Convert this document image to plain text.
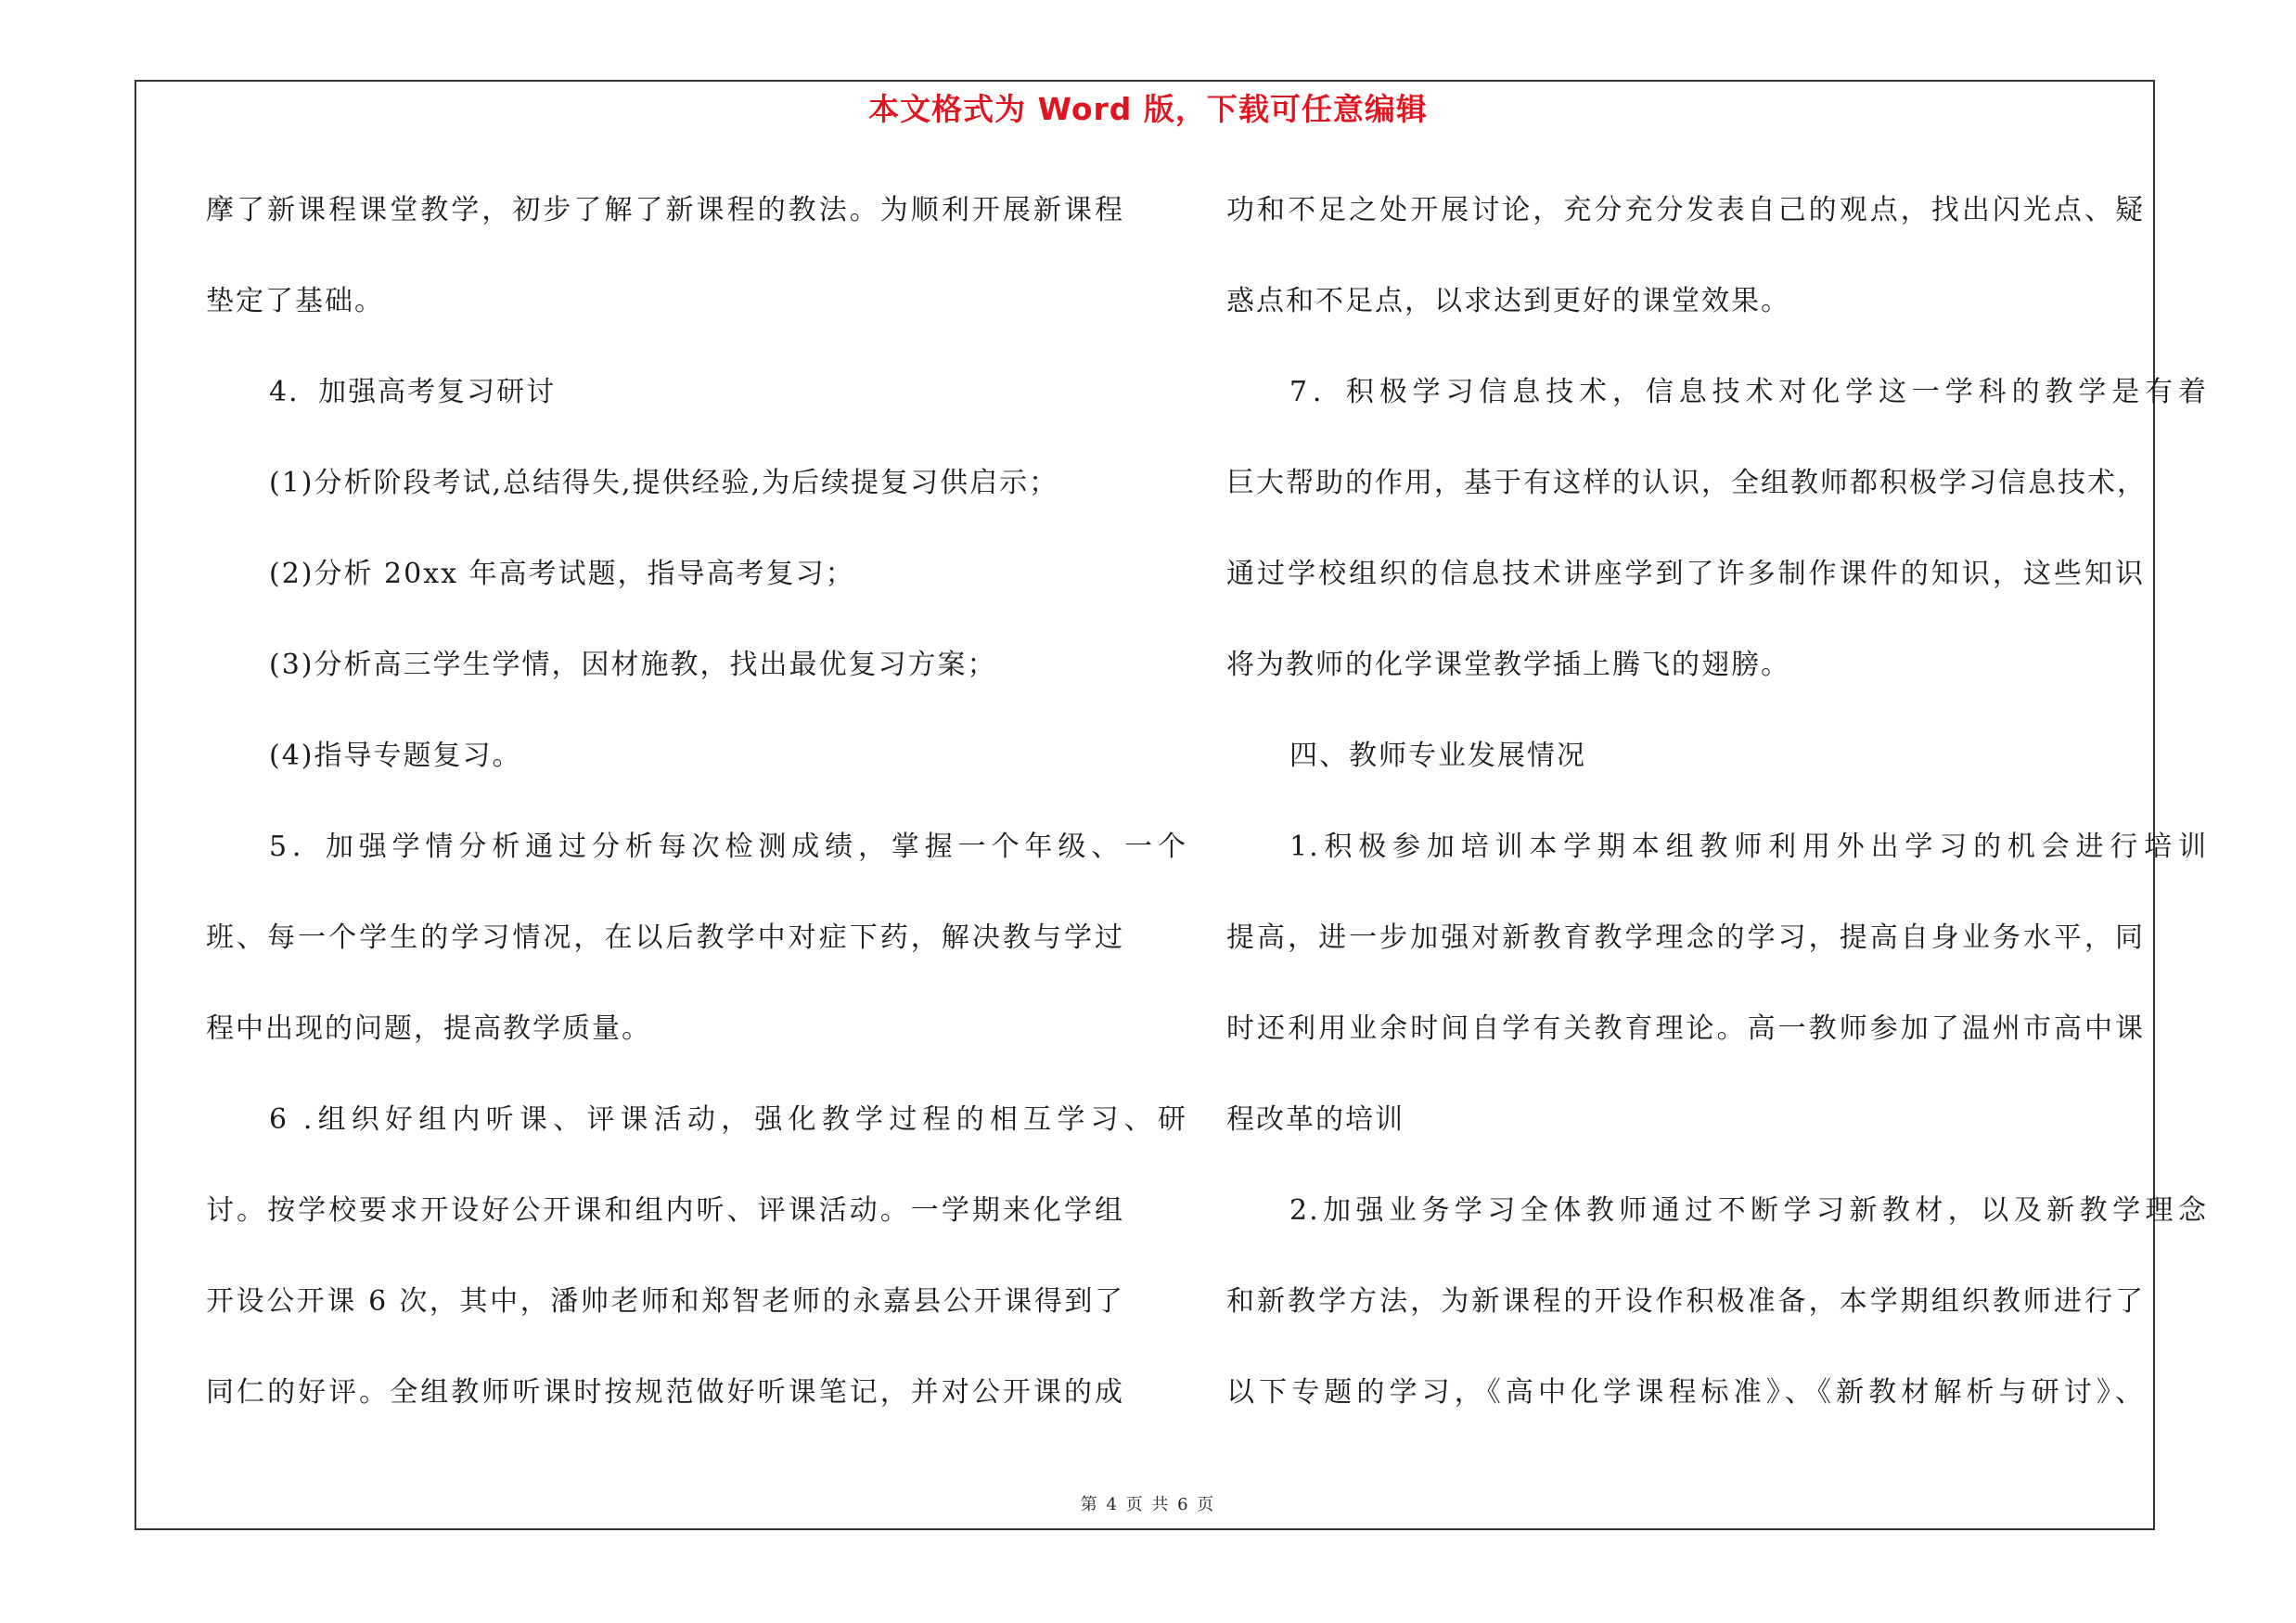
本文格式为 Word 版，下载可任意编辑
摩了新课程课堂教学，初步了解了新课程的教法。为顺利开展新课程
垫定了基础。
4．加强高考复习研讨
(1)分析阶段考试,总结得失,提供经验,为后续提复习供启示；
(2)分析 20xx 年高考试题，指导高考复习；
(3)分析高三学生学情，因材施教，找出最优复习方案；
(4)指导专题复习。
5．加强学情分析通过分析每次检测成绩，掌握一个年级、一个
班、每一个学生的学习情况，在以后教学中对症下药，解决教与学过
程中出现的问题，提高教学质量。
6 .组织好组内听课、评课活动，强化教学过程的相互学习、研
讨。按学校要求开设好公开课和组内听、评课活动。一学期来化学组
开设公开课 6 次，其中，潘帅老师和郑智老师的永嘉县公开课得到了
同仁的好评。全组教师听课时按规范做好听课笔记，并对公开课的成
功和不足之处开展讨论，充分充分发表自己的观点，找出闪光点、疑
惑点和不足点，以求达到更好的课堂效果。
7．积极学习信息技术，信息技术对化学这一学科的教学是有着
巨大帮助的作用，基于有这样的认识，全组教师都积极学习信息技术，
通过学校组织的信息技术讲座学到了许多制作课件的知识，这些知识
将为教师的化学课堂教学插上腾飞的翅膀。
四、教师专业发展情况
1.积极参加培训本学期本组教师利用外出学习的机会进行培训
提高，进一步加强对新教育教学理念的学习，提高自身业务水平，同
时还利用业余时间自学有关教育理论。高一教师参加了温州市高中课
程改革的培训
2.加强业务学习全体教师通过不断学习新教材，以及新教学理念
和新教学方法，为新课程的开设作积极准备，本学期组织教师进行了
以下专题的学习，《高中化学课程标准》、《新教材解析与研讨》、
第 4 页 共 6 页
